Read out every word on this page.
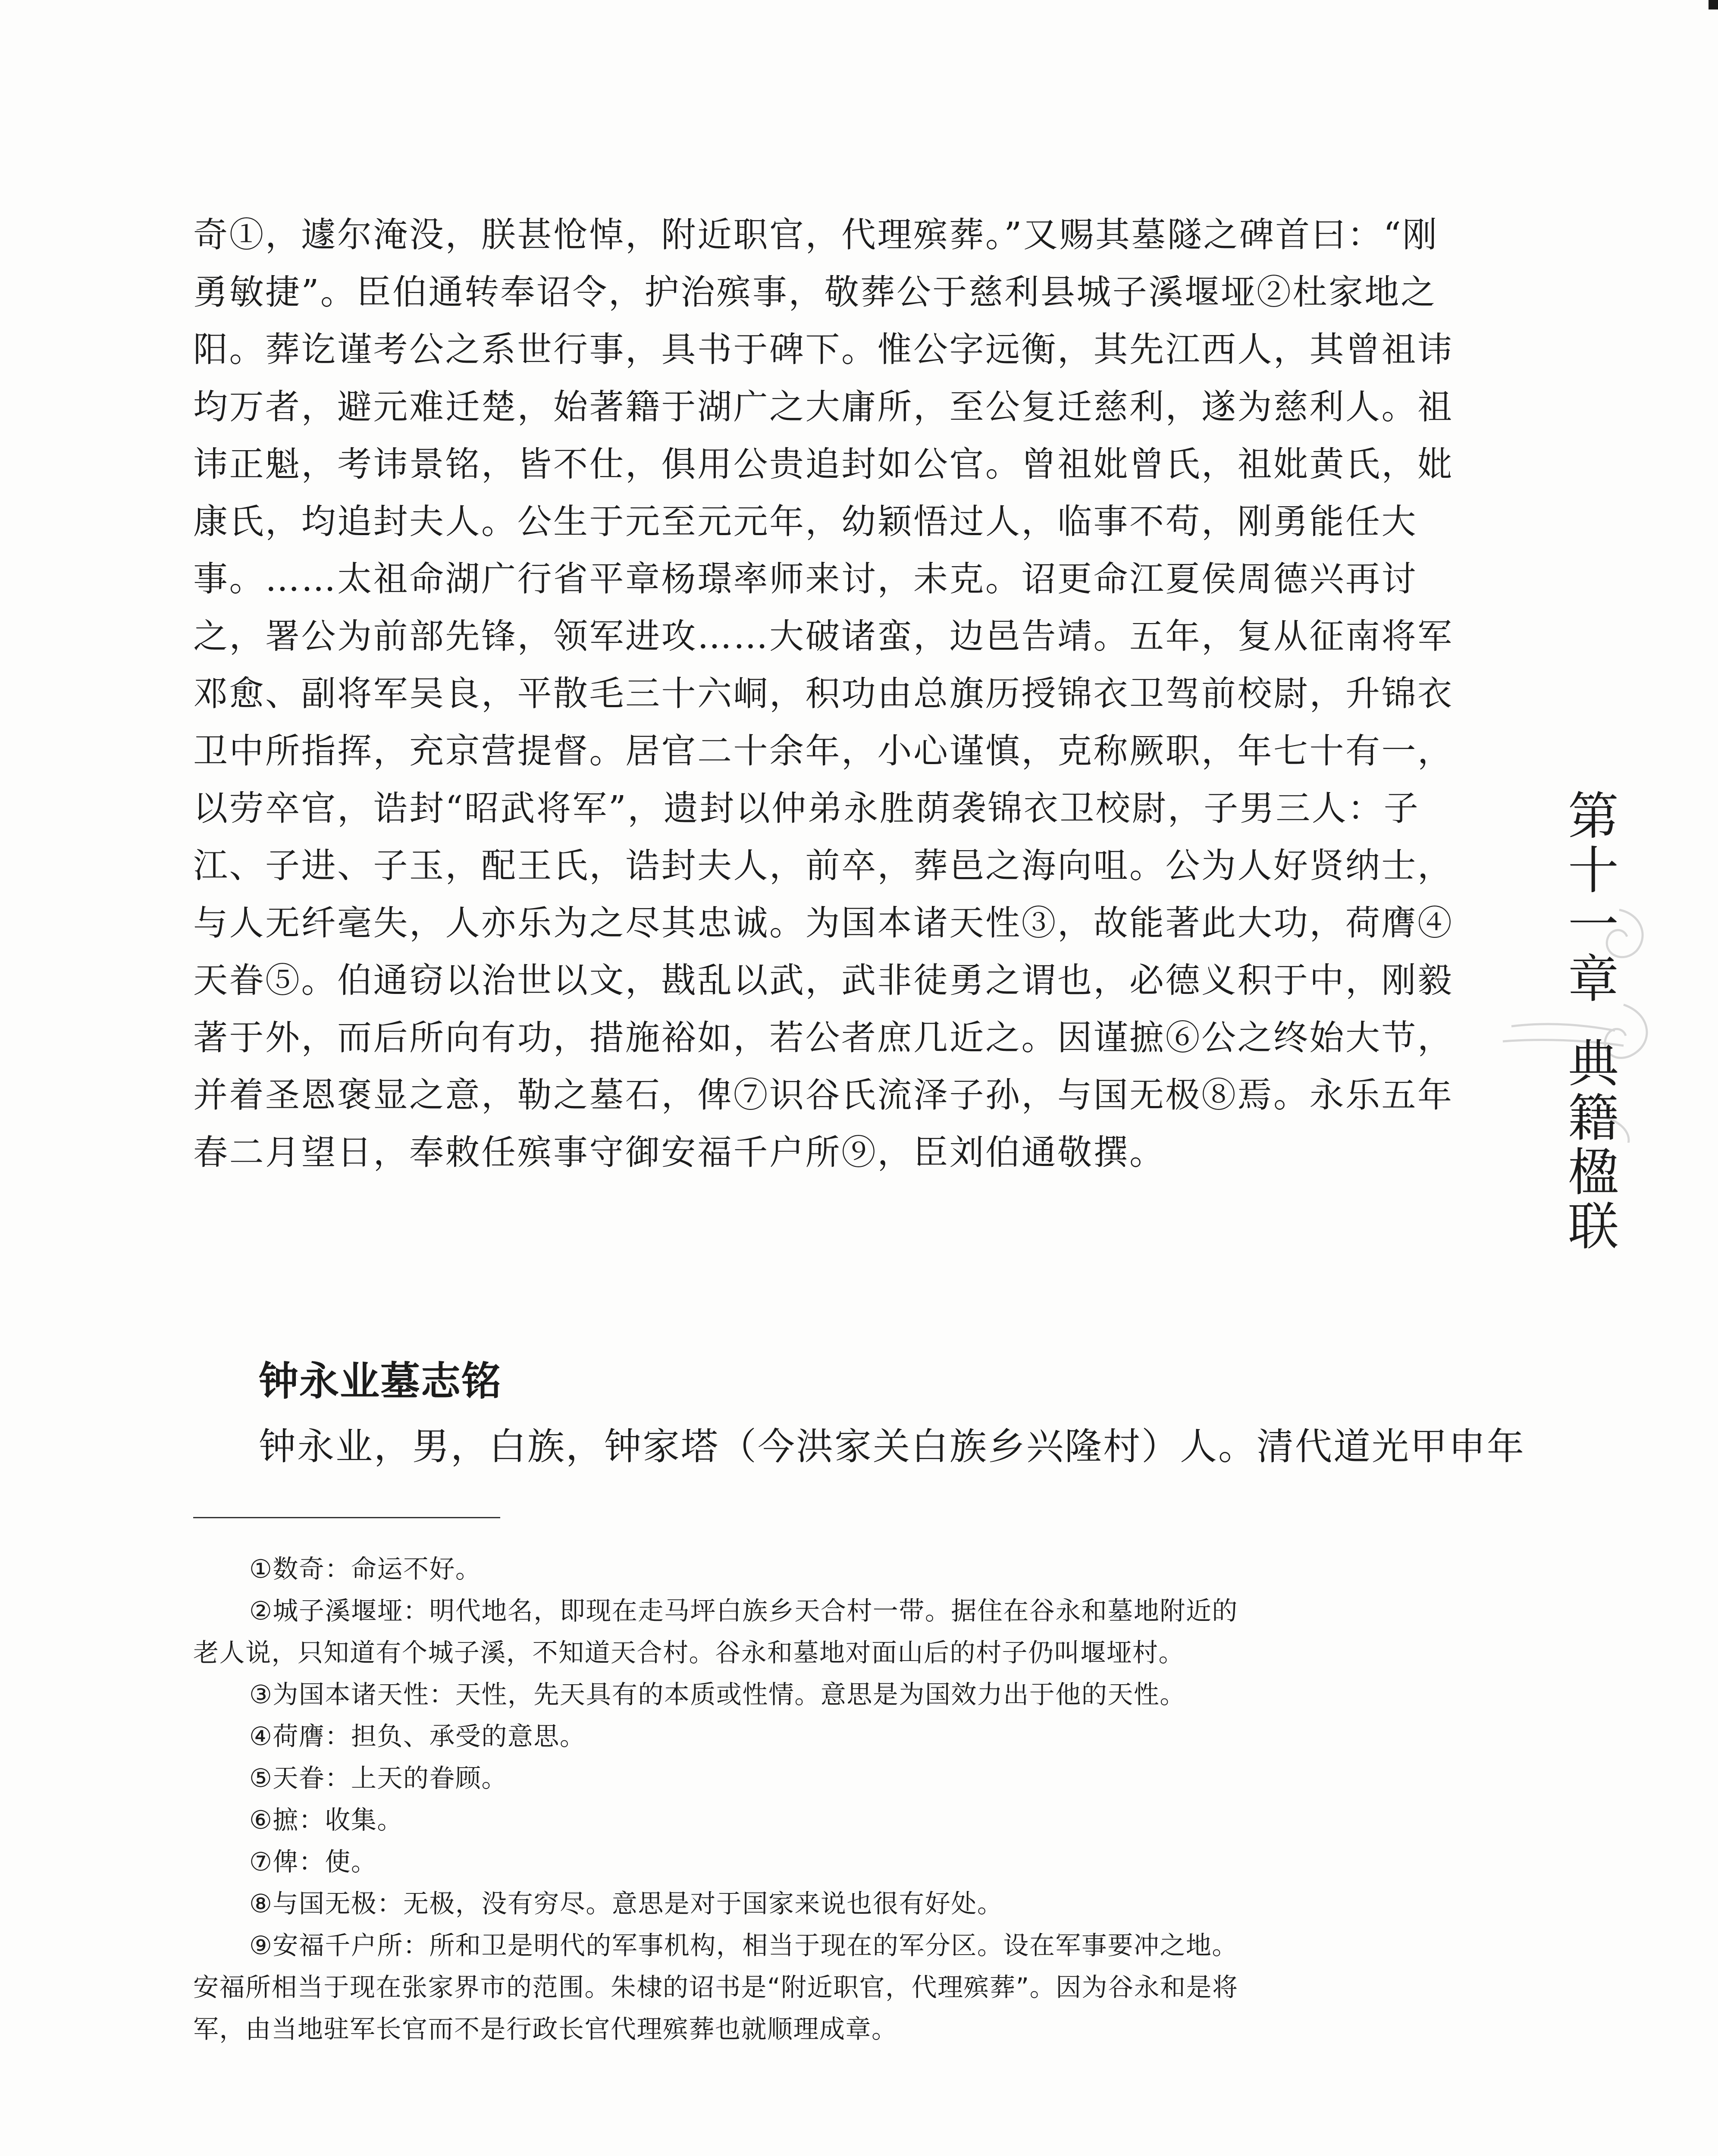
奇①，遽尔淹没，朕甚怆悼，附近职官，代理殡葬。”又赐其墓隧之碑首曰：“刚
勇敏捷”。臣伯通转奉诏令，护治殡事，敬葬公于慈利县城子溪堰垭②杜家地之
阳。葬讫谨考公之系世行事，具书于碑下。惟公字远衡，其先江西人，其曾祖讳
均万者，避元难迁楚，始著籍于湖广之大庸所，至公复迁慈利，遂为慈利人。祖
讳正魁，考讳景铭，皆不仕，俱用公贵追封如公官。曾祖妣曾氏，祖妣黄氏，妣
康氏，均追封夫人。公生于元至元元年，幼颖悟过人，临事不苟，刚勇能任大
事。……太祖命湖广行省平章杨璟率师来讨，未克。诏更命江夏侯周德兴再讨
之，署公为前部先锋，领军进攻……大破诸蛮，边邑告靖。五年，复从征南将军
邓愈、副将军吴良，平散毛三十六峒，积功由总旗历授锦衣卫驾前校尉，升锦衣
卫中所指挥，充京营提督。居官二十余年，小心谨慎，克称厥职，年七十有一，
以劳卒官，诰封“昭武将军”，遗封以仲弟永胜荫袭锦衣卫校尉，子男三人：子
江、子进、子玉，配王氏，诰封夫人，前卒，葬邑之海向咀。公为人好贤纳士，
与人无纤毫失，人亦乐为之尽其忠诚。为国本诸天性③，故能著此大功，荷膺④
天眷⑤。伯通窃以治世以文，戡乱以武，武非徒勇之谓也，必德义积于中，刚毅
著于外，而后所向有功，措施裕如，若公者庶几近之。因谨摭⑥公之终始大节，
并着圣恩褒显之意，勒之墓石，俾⑦识谷氏流泽子孙，与国无极⑧焉。永乐五年
春二月望日，奉敕任殡事守御安福千户所⑨，臣刘伯通敬撰。
钟永业墓志铭
钟永业，男，白族，钟家塔（今洪家关白族乡兴隆村）人。清代道光甲申年
①数奇：命运不好。
②城子溪堰垭：明代地名，即现在走马坪白族乡天合村一带。据住在谷永和墓地附近的
老人说，只知道有个城子溪，不知道天合村。谷永和墓地对面山后的村子仍叫堰垭村。
③为国本诸天性：天性，先天具有的本质或性情。意思是为国效力出于他的天性。
④荷膺：担负、承受的意思。
⑤天眷：上天的眷顾。
⑥摭：收集。
⑦俾：使。
⑧与国无极：无极，没有穷尽。意思是对于国家来说也很有好处。
⑨安福千户所：所和卫是明代的军事机构，相当于现在的军分区。设在军事要冲之地。
安福所相当于现在张家界市的范围。朱棣的诏书是“附近职官，代理殡葬”。因为谷永和是将
军，由当地驻军长官而不是行政长官代理殡葬也就顺理成章。
第
十
一
章
典
籍
楹
联
